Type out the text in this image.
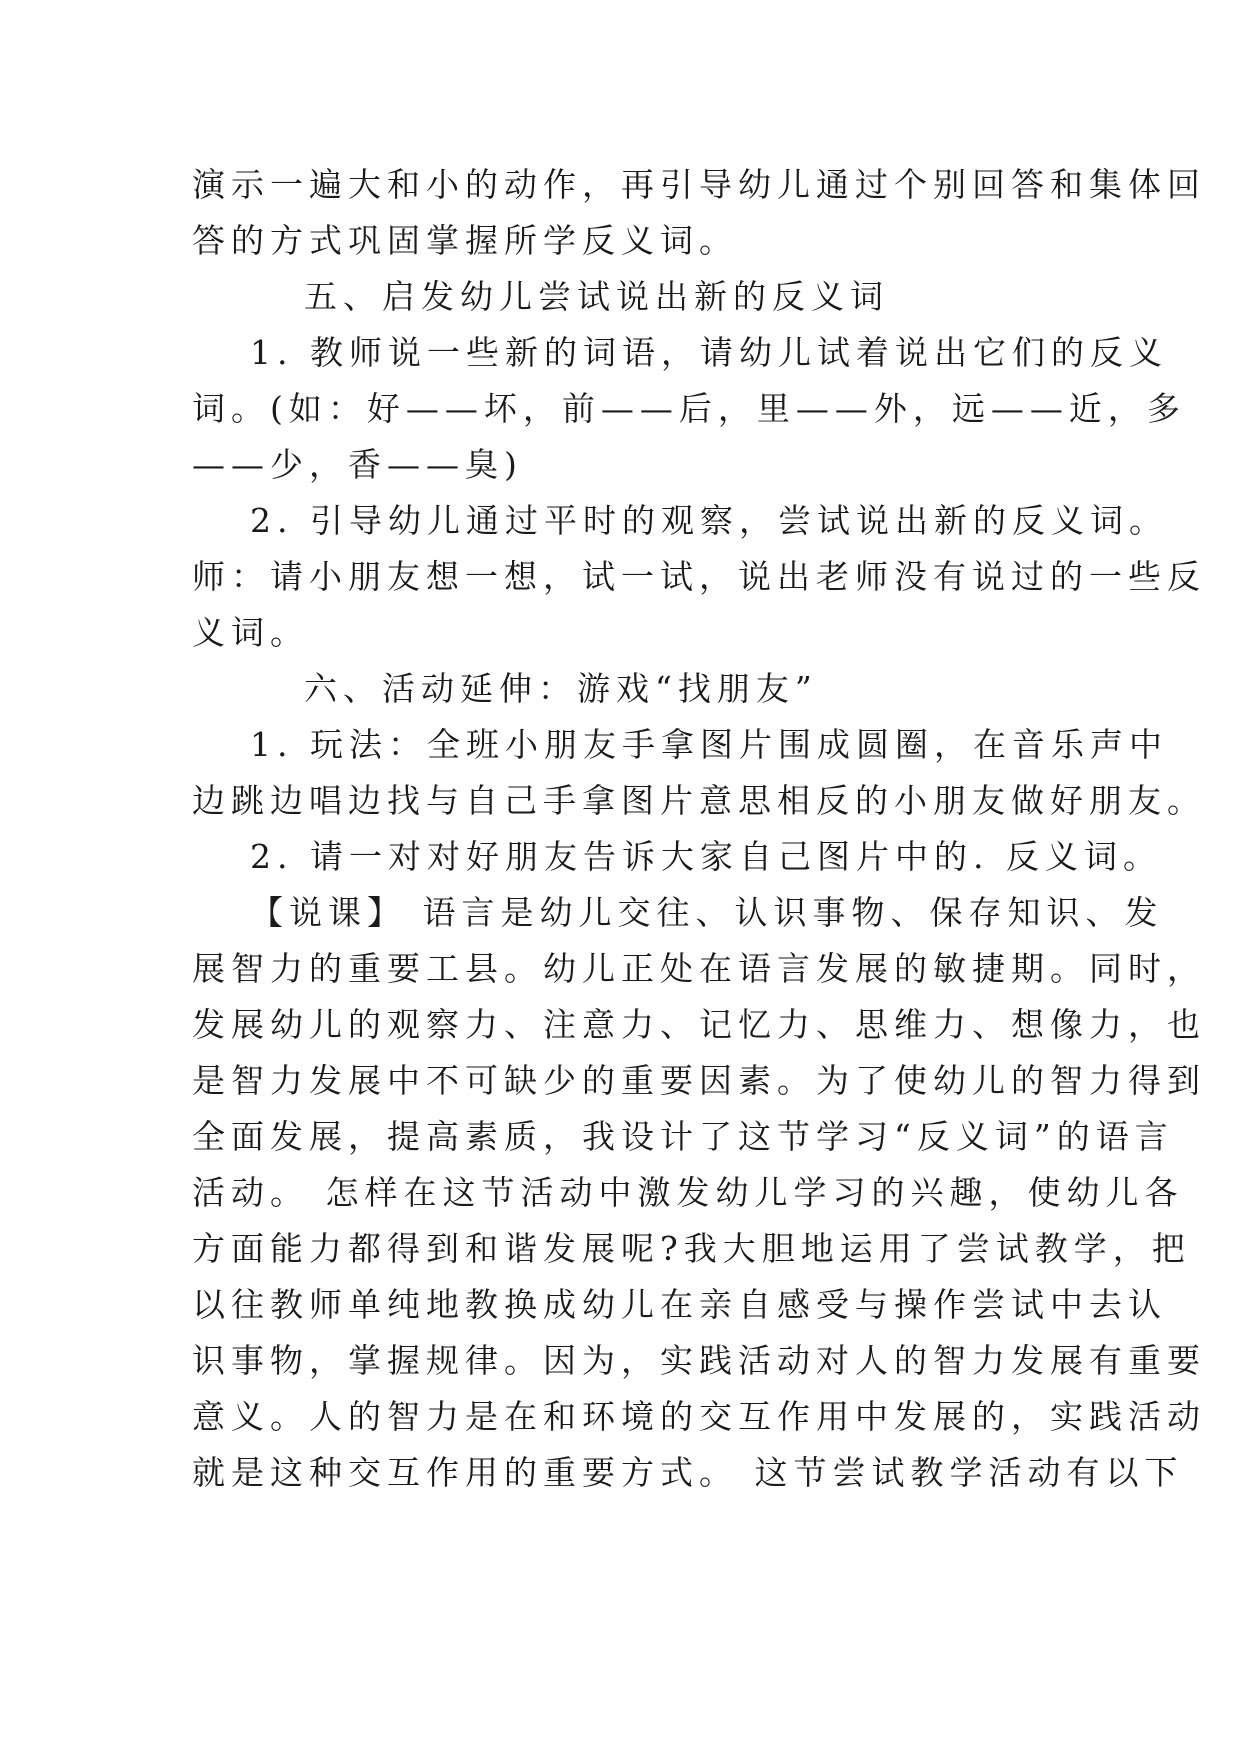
演示一遍大和小的动作，再引导幼儿通过个别回答和集体回
答的方式巩固掌握所学反义词。
五、启发幼儿尝试说出新的反义词
1. 教师说一些新的词语，请幼儿试着说出它们的反义
词。(如：好——坏，前——后，里——外，远——近，多
——少，香——臭)
2. 引导幼儿通过平时的观察，尝试说出新的反义词。
师：请小朋友想一想，试一试，说出老师没有说过的一些反
义词。
六、活动延伸：游戏“找朋友”
1. 玩法：全班小朋友手拿图片围成圆圈，在音乐声中
边跳边唱边找与自己手拿图片意思相反的小朋友做好朋友。
2. 请一对对好朋友告诉大家自己图片中的. 反义词。
【说课】 语言是幼儿交往、认识事物、保存知识、发
展智力的重要工县。幼儿正处在语言发展的敏捷期。同时，
发展幼儿的观察力、注意力、记忆力、思维力、想像力，也
是智力发展中不可缺少的重要因素。为了使幼儿的智力得到
全面发展，提高素质，我设计了这节学习“反义词”的语言
活动。 怎样在这节活动中激发幼儿学习的兴趣，使幼儿各
方面能力都得到和谐发展呢?我大胆地运用了尝试教学，把
以往教师单纯地教换成幼儿在亲自感受与操作尝试中去认
识事物，掌握规律。因为，实践活动对人的智力发展有重要
意义。人的智力是在和环境的交互作用中发展的，实践活动
就是这种交互作用的重要方式。 这节尝试教学活动有以下
